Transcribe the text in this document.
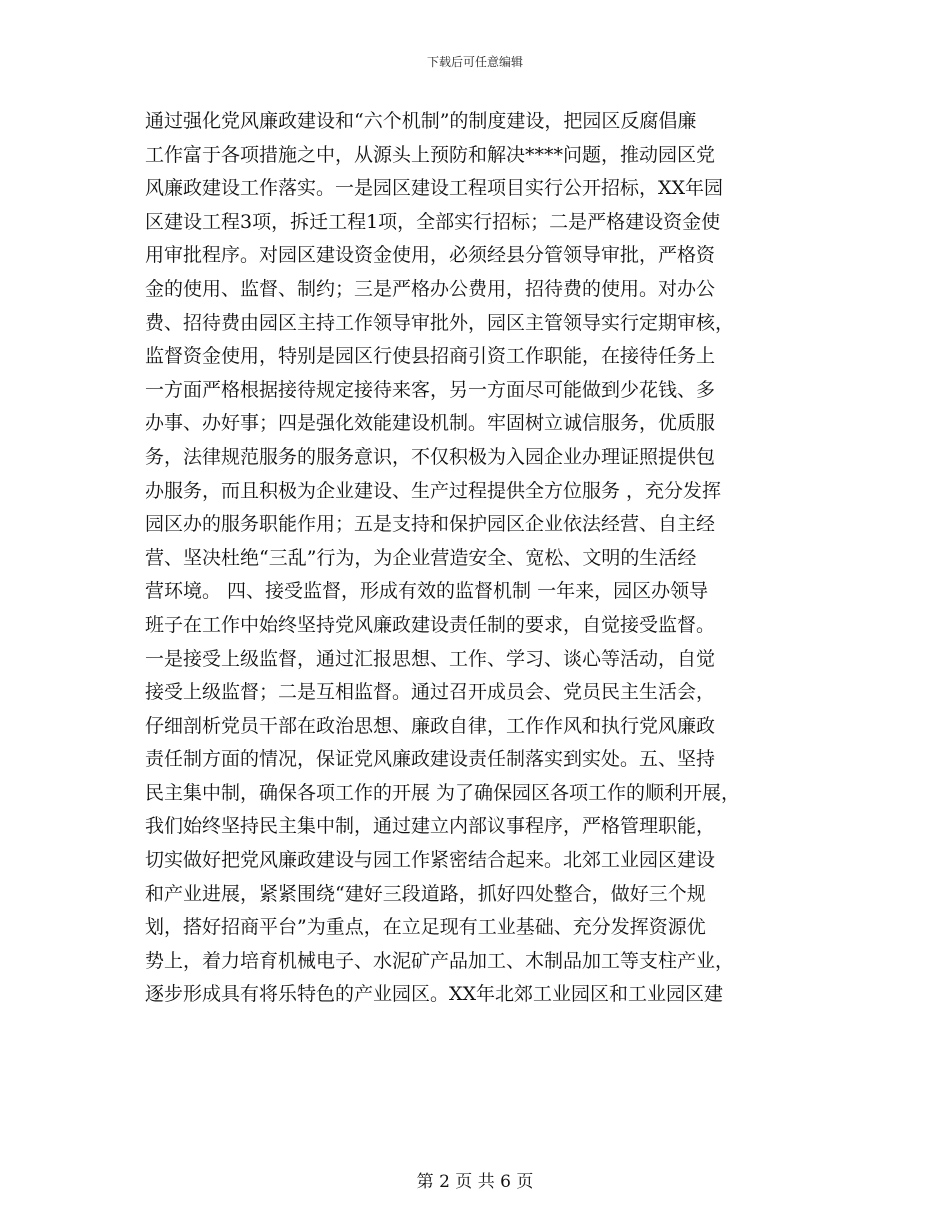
下载后可任意编辑
通过强化党风廉政建设和“六个机制”的制度建设，把园区反腐倡廉
工作富于各项措施之中，从源头上预防和解决****问题，推动园区党
风廉政建设工作落实。一是园区建设工程项目实行公开招标，XX年园
区建设工程3项，拆迁工程1项，全部实行招标；二是严格建设资金使
用审批程序。对园区建设资金使用，必须经县分管领导审批，严格资
金的使用、监督、制约；三是严格办公费用，招待费的使用。对办公
费、招待费由园区主持工作领导审批外，园区主管领导实行定期审核，
监督资金使用，特别是园区行使县招商引资工作职能，在接待任务上
一方面严格根据接待规定接待来客，另一方面尽可能做到少花钱、多
办事、办好事；四是强化效能建设机制。牢固树立诚信服务，优质服
务，法律规范服务的服务意识，不仅积极为入园企业办理证照提供包
办服务，而且积极为企业建设、生产过程提供全方位服务 ，充分发挥
园区办的服务职能作用；五是支持和保护园区企业依法经营、自主经
营、坚决杜绝“三乱”行为，为企业营造安全、宽松、文明的生活经
营环境。 四、接受监督，形成有效的监督机制 一年来，园区办领导
班子在工作中始终坚持党风廉政建设责任制的要求，自觉接受监督。
一是接受上级监督，通过汇报思想、工作、学习、谈心等活动，自觉
接受上级监督；二是互相监督。通过召开成员会、党员民主生活会，
仔细剖析党员干部在政治思想、廉政自律，工作作风和执行党风廉政
责任制方面的情况，保证党风廉政建设责任制落实到实处。五、坚持
民主集中制，确保各项工作的开展 为了确保园区各项工作的顺利开展，
我们始终坚持民主集中制，通过建立内部议事程序，严格管理职能，
切实做好把党风廉政建设与园工作紧密结合起来。北郊工业园区建设
和产业进展，紧紧围绕“建好三段道路，抓好四处整合，做好三个规
划，搭好招商平台”为重点，在立足现有工业基础、充分发挥资源优
势上，着力培育机械电子、水泥矿产品加工、木制品加工等支柱产业，
逐步形成具有将乐特色的产业园区。XX年北郊工业园区和工业园区建
第 2 页 共 6 页
